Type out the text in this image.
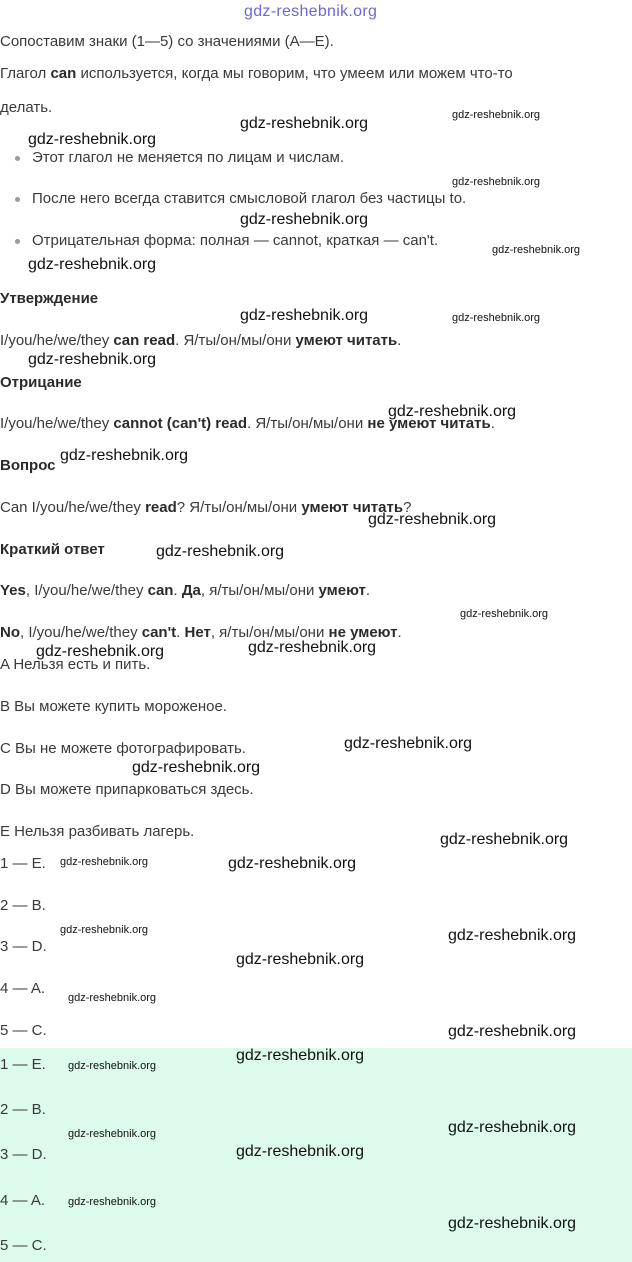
gdz-reshebnik.org
Сопоставим знаки (1—5) со значениями (A—E).
Глагол can используется, когда мы говорим, что умеем или можем что-то
делать.
Этот глагол не меняется по лицам и числам.
После него всегда ставится смысловой глагол без частицы to.
Отрицательная форма: полная — cannot, краткая — can't.
Утверждение
I/you/he/we/they can read. Я/ты/он/мы/они умеют читать.
Отрицание
I/you/he/we/they cannot (can't) read. Я/ты/он/мы/они не умеют читать.
Вопрос
Can I/you/he/we/they read? Я/ты/он/мы/они умеют читать?
Краткий ответ
Yes, I/you/he/we/they can. Да, я/ты/он/мы/они умеют.
No, I/you/he/we/they can't. Нет, я/ты/он/мы/они не умеют.
A Нельзя есть и пить.
B Вы можете купить мороженое.
C Вы не можете фотографировать.
D Вы можете припарковаться здесь.
E Нельзя разбивать лагерь.
1 — E.
2 — B.
3 — D.
4 — A.
5 — C.
1 — E.
2 — B.
3 — D.
4 — A.
5 — C.
gdz-reshebnik.org
gdz-reshebnik.org
gdz-reshebnik.org
gdz-reshebnik.org
gdz-reshebnik.org
gdz-reshebnik.org
gdz-reshebnik.org
gdz-reshebnik.org
gdz-reshebnik.org
gdz-reshebnik.org
gdz-reshebnik.org
gdz-reshebnik.org
gdz-reshebnik.org
gdz-reshebnik.org
gdz-reshebnik.org
gdz-reshebnik.org
gdz-reshebnik.org
gdz-reshebnik.org
gdz-reshebnik.org
gdz-reshebnik.org
gdz-reshebnik.org
gdz-reshebnik.org
gdz-reshebnik.org
gdz-reshebnik.org
gdz-reshebnik.org
gdz-reshebnik.org
gdz-reshebnik.org
gdz-reshebnik.org
gdz-reshebnik.org
gdz-reshebnik.org
gdz-reshebnik.org
gdz-reshebnik.org
gdz-reshebnik.org
gdz-reshebnik.org
